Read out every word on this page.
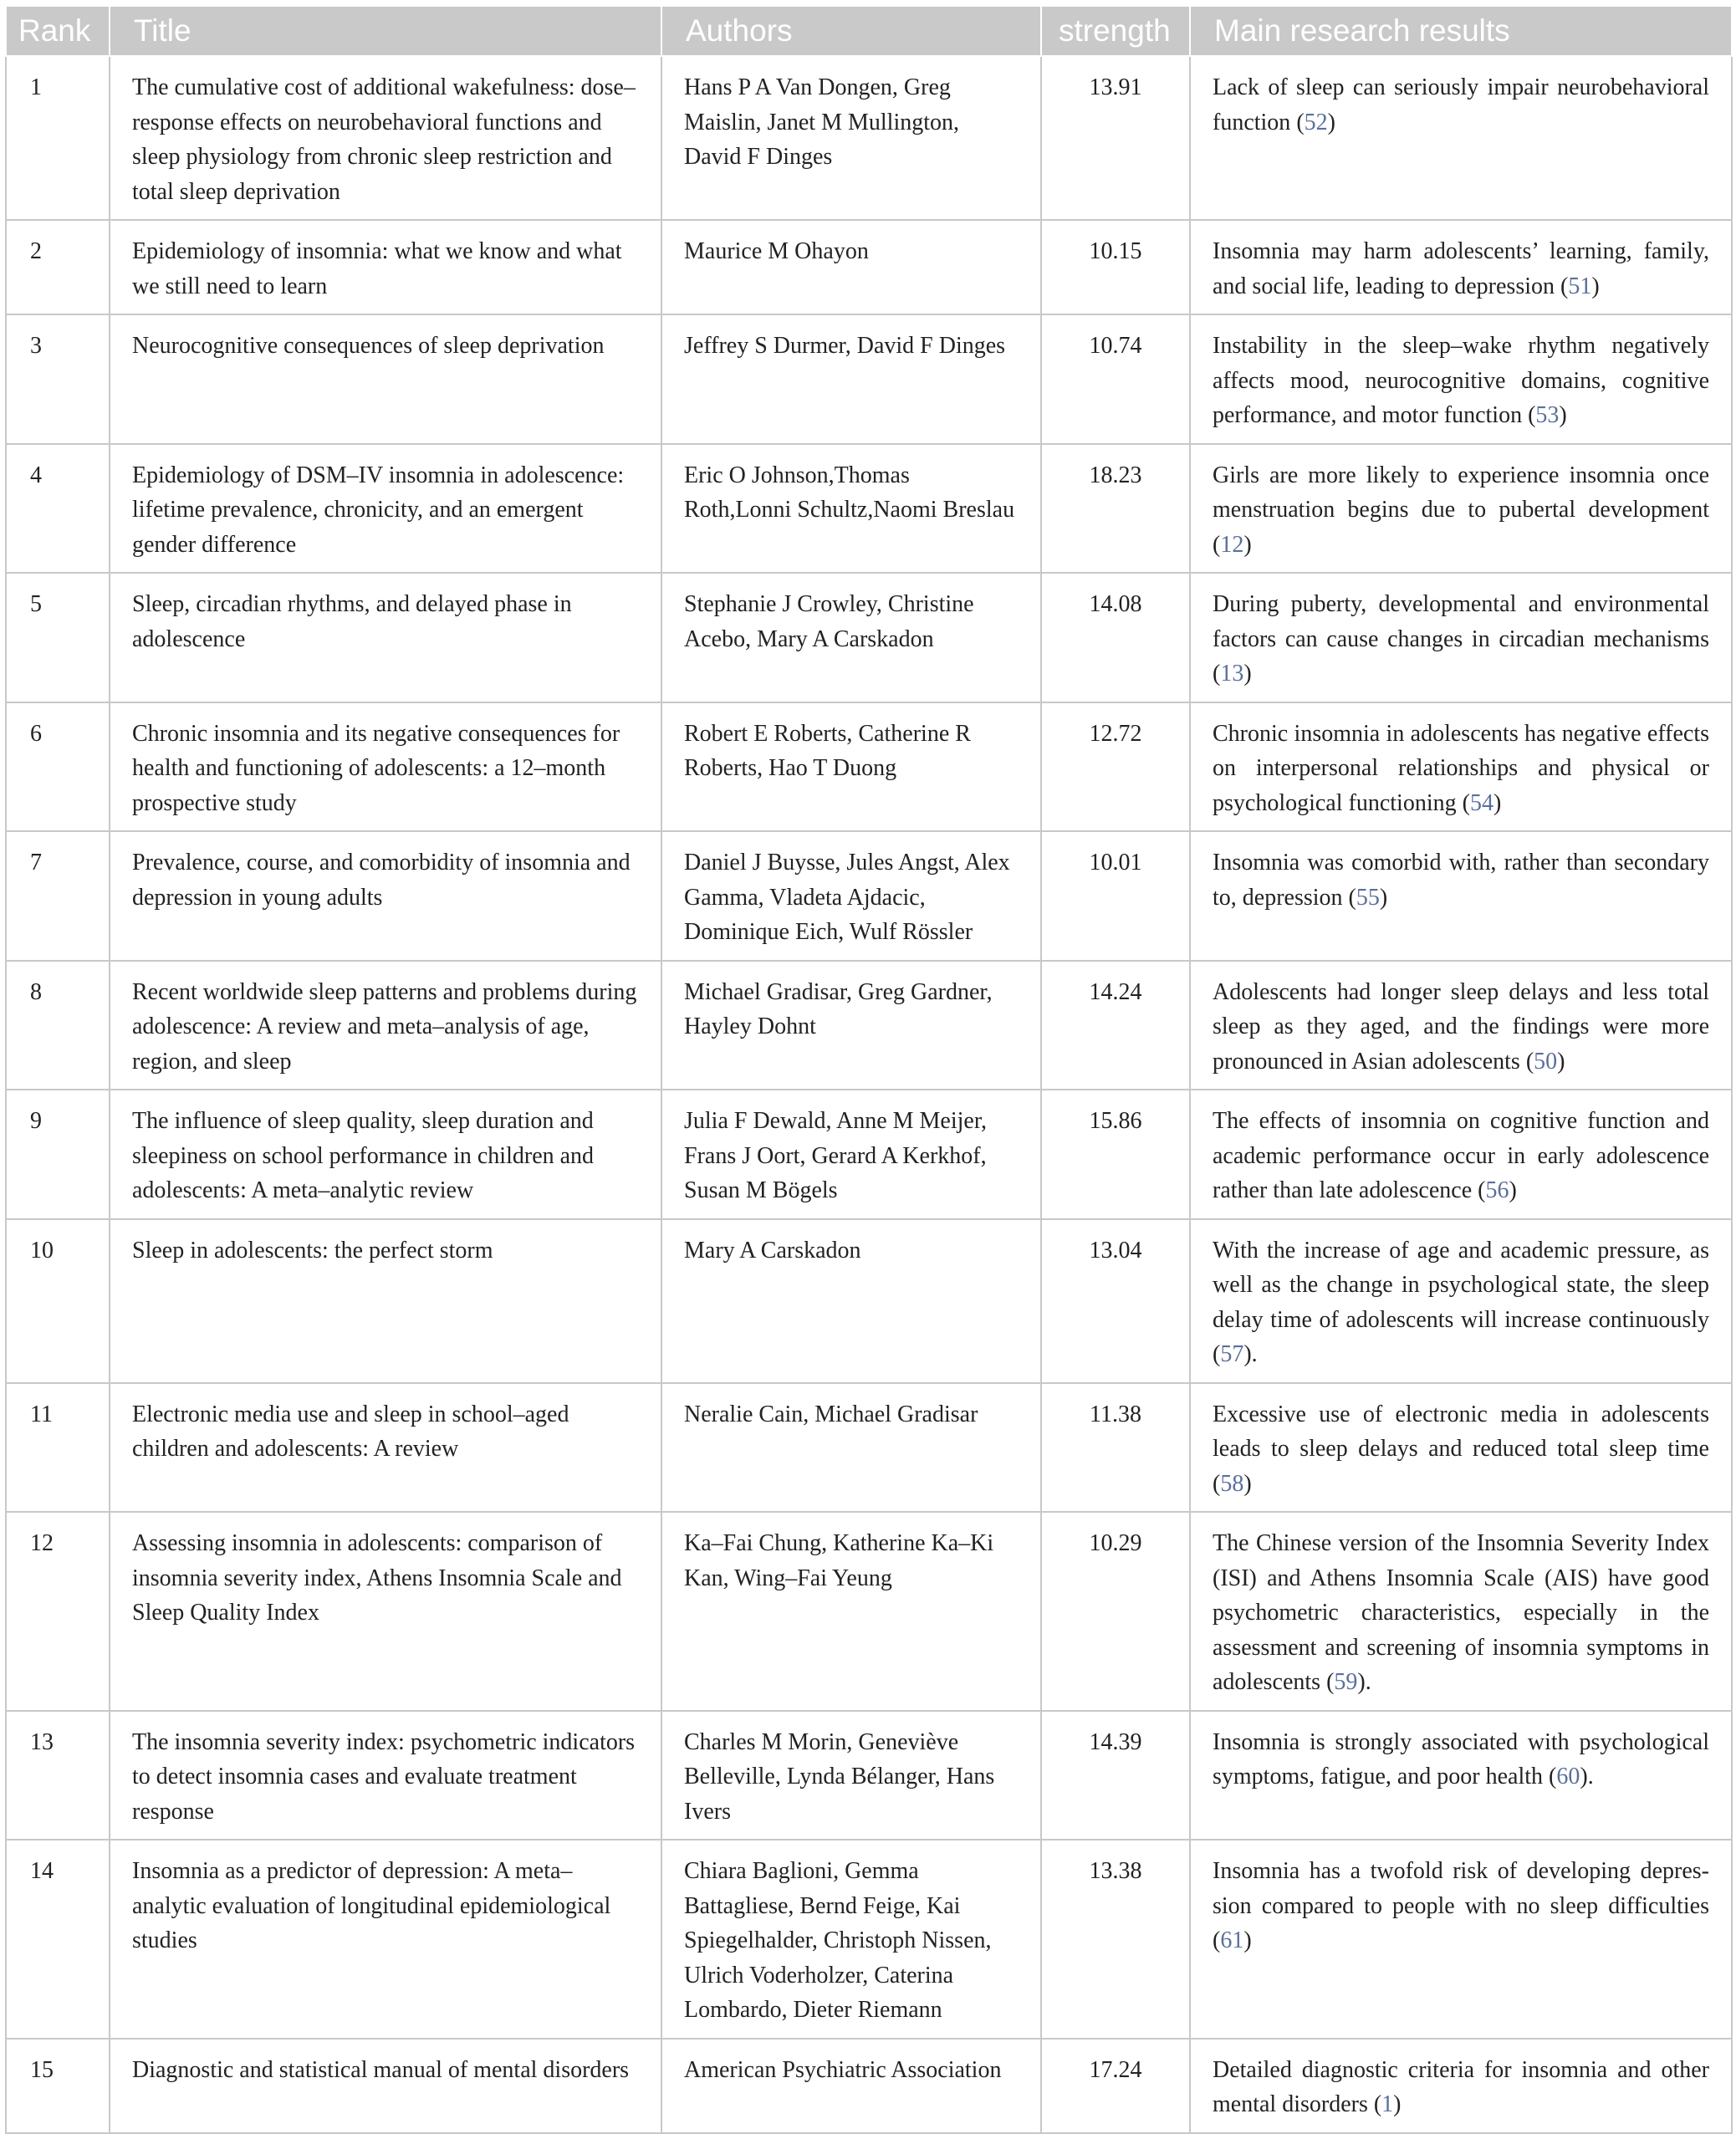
Rank	Title	Authors	strength	Main research results
1	The cumulative cost of additional wakefulness: dose–response effects on neurobehavioral functions and sleep physiology from chronic sleep restriction and total sleep deprivation	Hans P A Van Dongen, Greg Maislin, Janet M Mullington, David F Dinges	13.91	Lack of sleep can seriously impair neurobehavioral function (52)
2	Epidemiology of insomnia: what we know and what we still need to learn	Maurice M Ohayon	10.15	Insomnia may harm adolescents’ learning, family, and social life, leading to depression (51)
3	Neurocognitive consequences of sleep deprivation	Jeffrey S Durmer, David F Dinges	10.74	Instability in the sleep–wake rhythm negatively affects mood, neurocognitive domains, cognitive performance, and motor function (53)
4	Epidemiology of DSM–IV insomnia in adolescence: lifetime prevalence, chronicity, and an emergent gender difference	Eric O Johnson,Thomas Roth,Lonni Schultz,Naomi Breslau	18.23	Girls are more likely to experience insomnia once menstruation begins due to pubertal development (12)
5	Sleep, circadian rhythms, and delayed phase in adolescence	Stephanie J Crowley, Christine Acebo, Mary A Carskadon	14.08	During puberty, developmental and environmental factors can cause changes in circadian mechanisms (13)
6	Chronic insomnia and its negative consequences for health and functioning of adolescents: a 12–month prospective study	Robert E Roberts, Catherine R Roberts, Hao T Duong	12.72	Chronic insomnia in adolescents has negative effects on interpersonal relationships and physical or psychological functioning (54)
7	Prevalence, course, and comorbidity of insomnia and depression in young adults	Daniel J Buysse, Jules Angst, Alex Gamma, Vladeta Ajdacic, Dominique Eich, Wulf Rössler	10.01	Insomnia was comorbid with, rather than secondary to, depression (55)
8	Recent worldwide sleep patterns and problems during adolescence: A review and meta–analysis of age, region, and sleep	Michael Gradisar, Greg Gardner, Hayley Dohnt	14.24	Adolescents had longer sleep delays and less total sleep as they aged, and the findings were more pronounced in Asian adolescents (50)
9	The influence of sleep quality, sleep duration and sleepiness on school performance in children and adolescents: A meta–analytic review	Julia F Dewald, Anne M Meijer, Frans J Oort, Gerard A Kerkhof, Susan M Bögels	15.86	The effects of insomnia on cognitive function and academic performance occur in early adolescence rather than late adolescence (56)
10	Sleep in adolescents: the perfect storm	Mary A Carskadon	13.04	With the increase of age and academic pressure, as well as the change in psychological state, the sleep delay time of adolescents will increase continuously (57).
11	Electronic media use and sleep in school–aged children and adolescents: A review	Neralie Cain, Michael Gradisar	11.38	Excessive use of electronic media in adolescents leads to sleep delays and reduced total sleep time (58)
12	Assessing insomnia in adolescents: comparison of insomnia severity index, Athens Insomnia Scale and Sleep Quality Index	Ka–Fai Chung, Katherine Ka–Ki Kan, Wing–Fai Yeung	10.29	The Chinese version of the Insomnia Severity Index (ISI) and Athens Insomnia Scale (AIS) have good psychometric characteristics, especially in the assessment and screening of insomnia symptoms in adolescents (59).
13	The insomnia severity index: psychometric indicators to detect insomnia cases and evaluate treatment response	Charles M Morin, Geneviève Belleville, Lynda Bélanger, Hans Ivers	14.39	Insomnia is strongly associated with psychological symptoms, fatigue, and poor health (60).
14	Insomnia as a predictor of depression: A meta–analytic evaluation of longitudinal epidemiological studies	Chiara Baglioni, Gemma Battagliese, Bernd Feige, Kai Spiegelhalder, Christoph Nissen, Ulrich Voderholzer, Caterina Lombardo, Dieter Riemann	13.38	Insomnia has a twofold risk of developing depres-sion compared to people with no sleep difficulties (61)
15	Diagnostic and statistical manual of mental disorders	American Psychiatric Association	17.24	Detailed diagnostic criteria for insomnia and other mental disorders (1)
